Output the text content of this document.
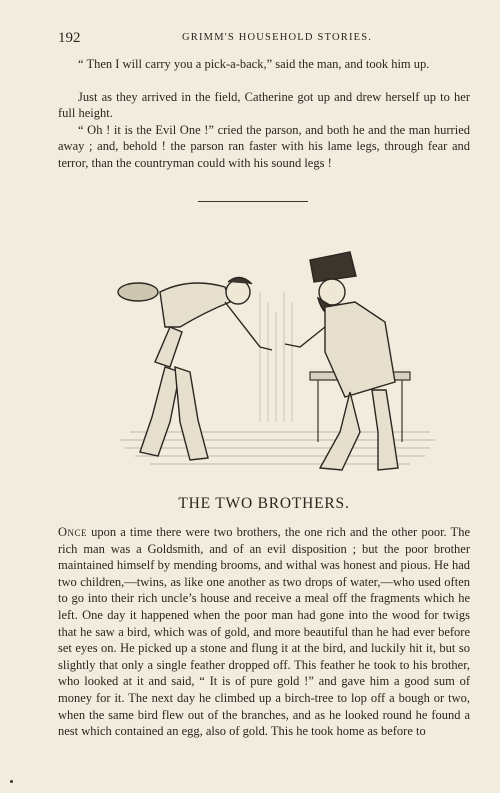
192	GRIMM'S HOUSEHOLD STORIES.

“ Then I will carry you a pick-a-back,” said the man, and took him up.

Just as they arrived in the field, Catherine got up and drew herself up to her full height.

“ Oh ! it is the Evil One !” cried the parson, and both he and the man hurried away ; and, behold ! the parson ran faster with his lame legs, through fear and terror, than the countryman could with his sound legs !

THE TWO BROTHERS.

Once upon a time there were two brothers, the one rich and the other poor. The rich man was a Goldsmith, and of an evil disposition ; but the poor brother maintained himself by mending brooms, and withal was honest and pious. He had two children,—twins, as like one another as two drops of water,—who used often to go into their rich uncle’s house and receive a meal off the fragments which he left. One day it happened when the poor man had gone into the wood for twigs that he saw a bird, which was of gold, and more beautiful than he had ever before set eyes on. He picked up a stone and flung it at the bird, and luckily hit it, but so slightly that only a single feather dropped off. This feather he took to his brother, who looked at it and said, “ It is of pure gold !” and gave him a good sum of money for it. The next day he climbed up a birch-tree to lop off a bough or two, when the same bird flew out of the branches, and as he looked round he found a nest which contained an egg, also of gold. This he took home as before to
